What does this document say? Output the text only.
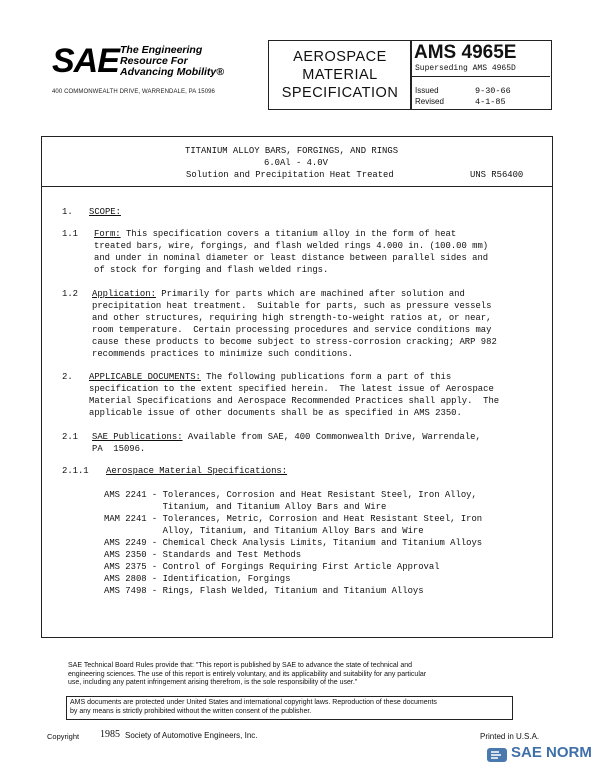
SAE The Engineering
Resource For
Advancing Mobility®
400 COMMONWEALTH DRIVE, WARRENDALE, PA 15096
AEROSPACE
MATERIAL
SPECIFICATION
AMS 4965E
Superseding AMS 4965D
Issued	9-30-66
Revised	4-1-85
TITANIUM ALLOY BARS, FORGINGS, AND RINGS
6.0Al - 4.0V
Solution and Precipitation Heat Treated	UNS R56400
1. SCOPE:
1.1 Form: This specification covers a titanium alloy in the form of heat
treated bars, wire, forgings, and flash welded rings 4.000 in. (100.00 mm)
and under in nominal diameter or least distance between parallel sides and
of stock for forging and flash welded rings.
1.2 Application: Primarily for parts which are machined after solution and
precipitation heat treatment.  Suitable for parts, such as pressure vessels
and other structures, requiring high strength-to-weight ratios at, or near,
room temperature.  Certain processing procedures and service conditions may
cause these products to become subject to stress-corrosion cracking; ARP 982
recommends practices to minimize such conditions.
2. APPLICABLE DOCUMENTS: The following publications form a part of this
specification to the extent specified herein.  The latest issue of Aerospace
Material Specifications and Aerospace Recommended Practices shall apply.  The
applicable issue of other documents shall be as specified in AMS 2350.
2.1 SAE Publications: Available from SAE, 400 Commonwealth Drive, Warrendale,
PA  15096.
2.1.1 Aerospace Material Specifications:
AMS 2241 - Tolerances, Corrosion and Heat Resistant Steel, Iron Alloy,
Titanium, and Titanium Alloy Bars and Wire
MAM 2241 - Tolerances, Metric, Corrosion and Heat Resistant Steel, Iron
Alloy, Titanium, and Titanium Alloy Bars and Wire
AMS 2249 - Chemical Check Analysis Limits, Titanium and Titanium Alloys
AMS 2350 - Standards and Test Methods
AMS 2375 - Control of Forgings Requiring First Article Approval
AMS 2808 - Identification, Forgings
AMS 7498 - Rings, Flash Welded, Titanium and Titanium Alloys
SAE Technical Board Rules provide that: "This report is published by SAE to advance the state of technical and
engineering sciences. The use of this report is entirely voluntary, and its applicability and suitability for any particular
use, including any patent infringement arising therefrom, is the sole responsibility of the user."
AMS documents are protected under United States and international copyright laws. Reproduction of these documents
by any means is strictly prohibited without the written consent of the publisher.
Copyright 1985 Society of Automotive Engineers, Inc.	Printed in U.S.A.
SAE NORM
